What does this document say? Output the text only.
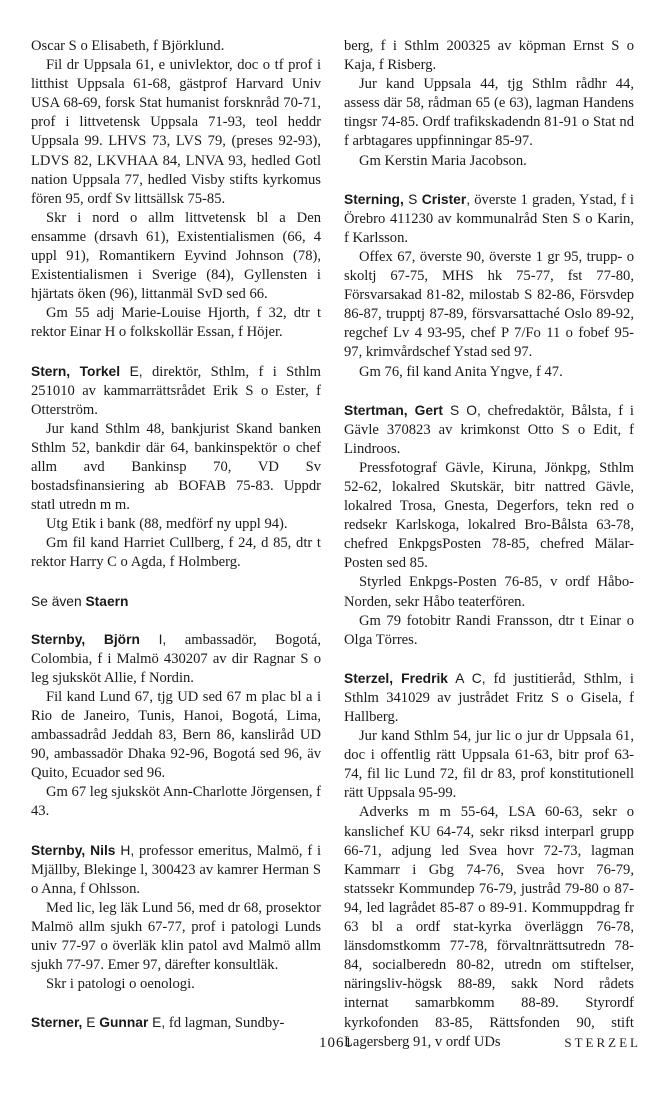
Oscar S o Elisabeth, f Björklund.

Fil dr Uppsala 61, e univlektor, doc o tf prof i litthist Uppsala 61-68, gästprof Harvard Univ USA 68-69, forsk Stat humanist forsknråd 70-71, prof i littvetensk Uppsala 71-93, teol heddr Uppsala 99. LHVS 73, LVS 79, (preses 92-93), LDVS 82, LKVHAA 84, LNVA 93, hedled Gotl nation Uppsala 77, hedled Visby stifts kyrkomus fören 95, ordf Sv littsällsk 75-85.

Skr i nord o allm littvetensk bl a Den ensamme (drsavh 61), Existentialismen (66, 4 uppl 91), Romantikern Eyvind Johnson (78), Existentialismen i Sverige (84), Gyllensten i hjärtats öken (96), littanmäl SvD sed 66.

Gm 55 adj Marie-Louise Hjorth, f 32, dtr t rektor Einar H o folkskollär Essan, f Höjer.

Stern, Torkel E, direktör, Sthlm, f i Sthlm 251010 av kammarrättsrådet Erik S o Ester, f Otterström.

Jur kand Sthlm 48, bankjurist Skand banken Sthlm 52, bankdir där 64, bankinspektör o chef allm avd Bankinsp 70, VD Sv bostadsfinansiering ab BOFAB 75-83. Uppdr statl utredn m m.

Utg Etik i bank (88, medförf ny uppl 94).

Gm fil kand Harriet Cullberg, f 24, d 85, dtr t rektor Harry C o Agda, f Holmberg.

Se även Staern

Sternby, Björn I, ambassadör, Bogotá, Colombia, f i Malmö 430207 av dir Ragnar S o leg sjuksköt Allie, f Nordin.

Fil kand Lund 67, tjg UD sed 67 m plac bl a i Rio de Janeiro, Tunis, Hanoi, Bogotá, Lima, ambassadråd Jeddah 83, Bern 86, kanslіråd UD 90, ambassadör Dhaka 92-96, Bogotá sed 96, äv Quito, Ecuador sed 96.

Gm 67 leg sjuksköt Ann-Charlotte Jörgensen, f 43.

Sternby, Nils H, professor emeritus, Malmö, f i Mjällby, Blekinge l, 300423 av kamrer Herman S o Anna, f Ohlsson.

Med lic, leg läk Lund 56, med dr 68, prosektor Malmö allm sjukh 67-77, prof i patologi Lunds univ 77-97 o överläk klin patol avd Malmö allm sjukh 77-97. Emer 97, därefter konsultläk.

Skr i patologi o oenologi.

Sterner, E Gunnar E, fd lagman, Sundby-

berg, f i Sthlm 200325 av köpman Ernst S o Kaja, f Risberg.

Jur kand Uppsala 44, tjg Sthlm rådhr 44, assess där 58, rådman 65 (e 63), lagman Handens tingsr 74-85. Ordf trafikskadendn 81-91 o Stat nd f arbtagares uppfinningar 85-97.

Gm Kerstin Maria Jacobson.

Sterning, S Crister, överste 1 graden, Ystad, f i Örebro 411230 av kommunalråd Sten S o Karin, f Karlsson.

Offex 67, överste 90, överste 1 gr 95, trupp- o skoltj 67-75, MHS hk 75-77, fst 77-80, Försvarsakad 81-82, milostab S 82-86, Försvdep 86-87, trupptj 87-89, försvarsattaché Oslo 89-92, regchef Lv 4 93-95, chef P 7/Fo 11 o fobef 95-97, krimvårdschef Ystad sed 97.

Gm 76, fil kand Anita Yngve, f 47.

Stertman, Gert S O, chefredaktör, Bålsta, f i Gävle 370823 av krimkonst Otto S o Edit, f Lindroos.

Pressfotograf Gävle, Kiruna, Jönkpg, Sthlm 52-62, lokalred Skutskär, bitr nattred Gävle, lokalred Trosa, Gnesta, Degerfors, tekn red o redsekr Karlskoga, lokalred Bro-Bålsta 63-78, chefred EnkpgsPosten 78-85, chefred Mälar-Posten sed 85.

Styrled Enkpgs-Posten 76-85, v ordf Håbo-Norden, sekr Håbo teaterfören.

Gm 79 fotobitr Randi Fransson, dtr t Einar o Olga Törres.

Sterzel, Fredrik A C, fd justitieråd, Sthlm, i Sthlm 341029 av justrådet Fritz S o Gisela, f Hallberg.

Jur kand Sthlm 54, jur lic o jur dr Uppsala 61, doc i offentlig rätt Uppsala 61-63, bitr prof 63-74, fil lic Lund 72, fil dr 83, prof konstitutionell rätt Uppsala 95-99.

Adverks m m 55-64, LSA 60-63, sekr o kanslichef KU 64-74, sekr riksd interparl grupp 66-71, adjung led Svea hovr 72-73, lagman Kammarr i Gbg 74-76, Svea hovr 76-79, statssekr Kommundep 76-79, justråd 79-80 o 87-94, led lagrådet 85-87 o 89-91. Kommuppdrag fr 63 bl a ordf stat-kyrka överläggn 76-78, länsdomstkomm 77-78, förvaltnrättsutredn 78-84, socialberedn 80-82, utredn om stiftelser, näringsliv-högsk 88-89, sakk Nord rådets internat samarbkomm 88-89. Styrordf kyrkofonden 83-85, Rättsfonden 90, stift Lagersberg 91, v ordf UDs

1061	STERZEL
